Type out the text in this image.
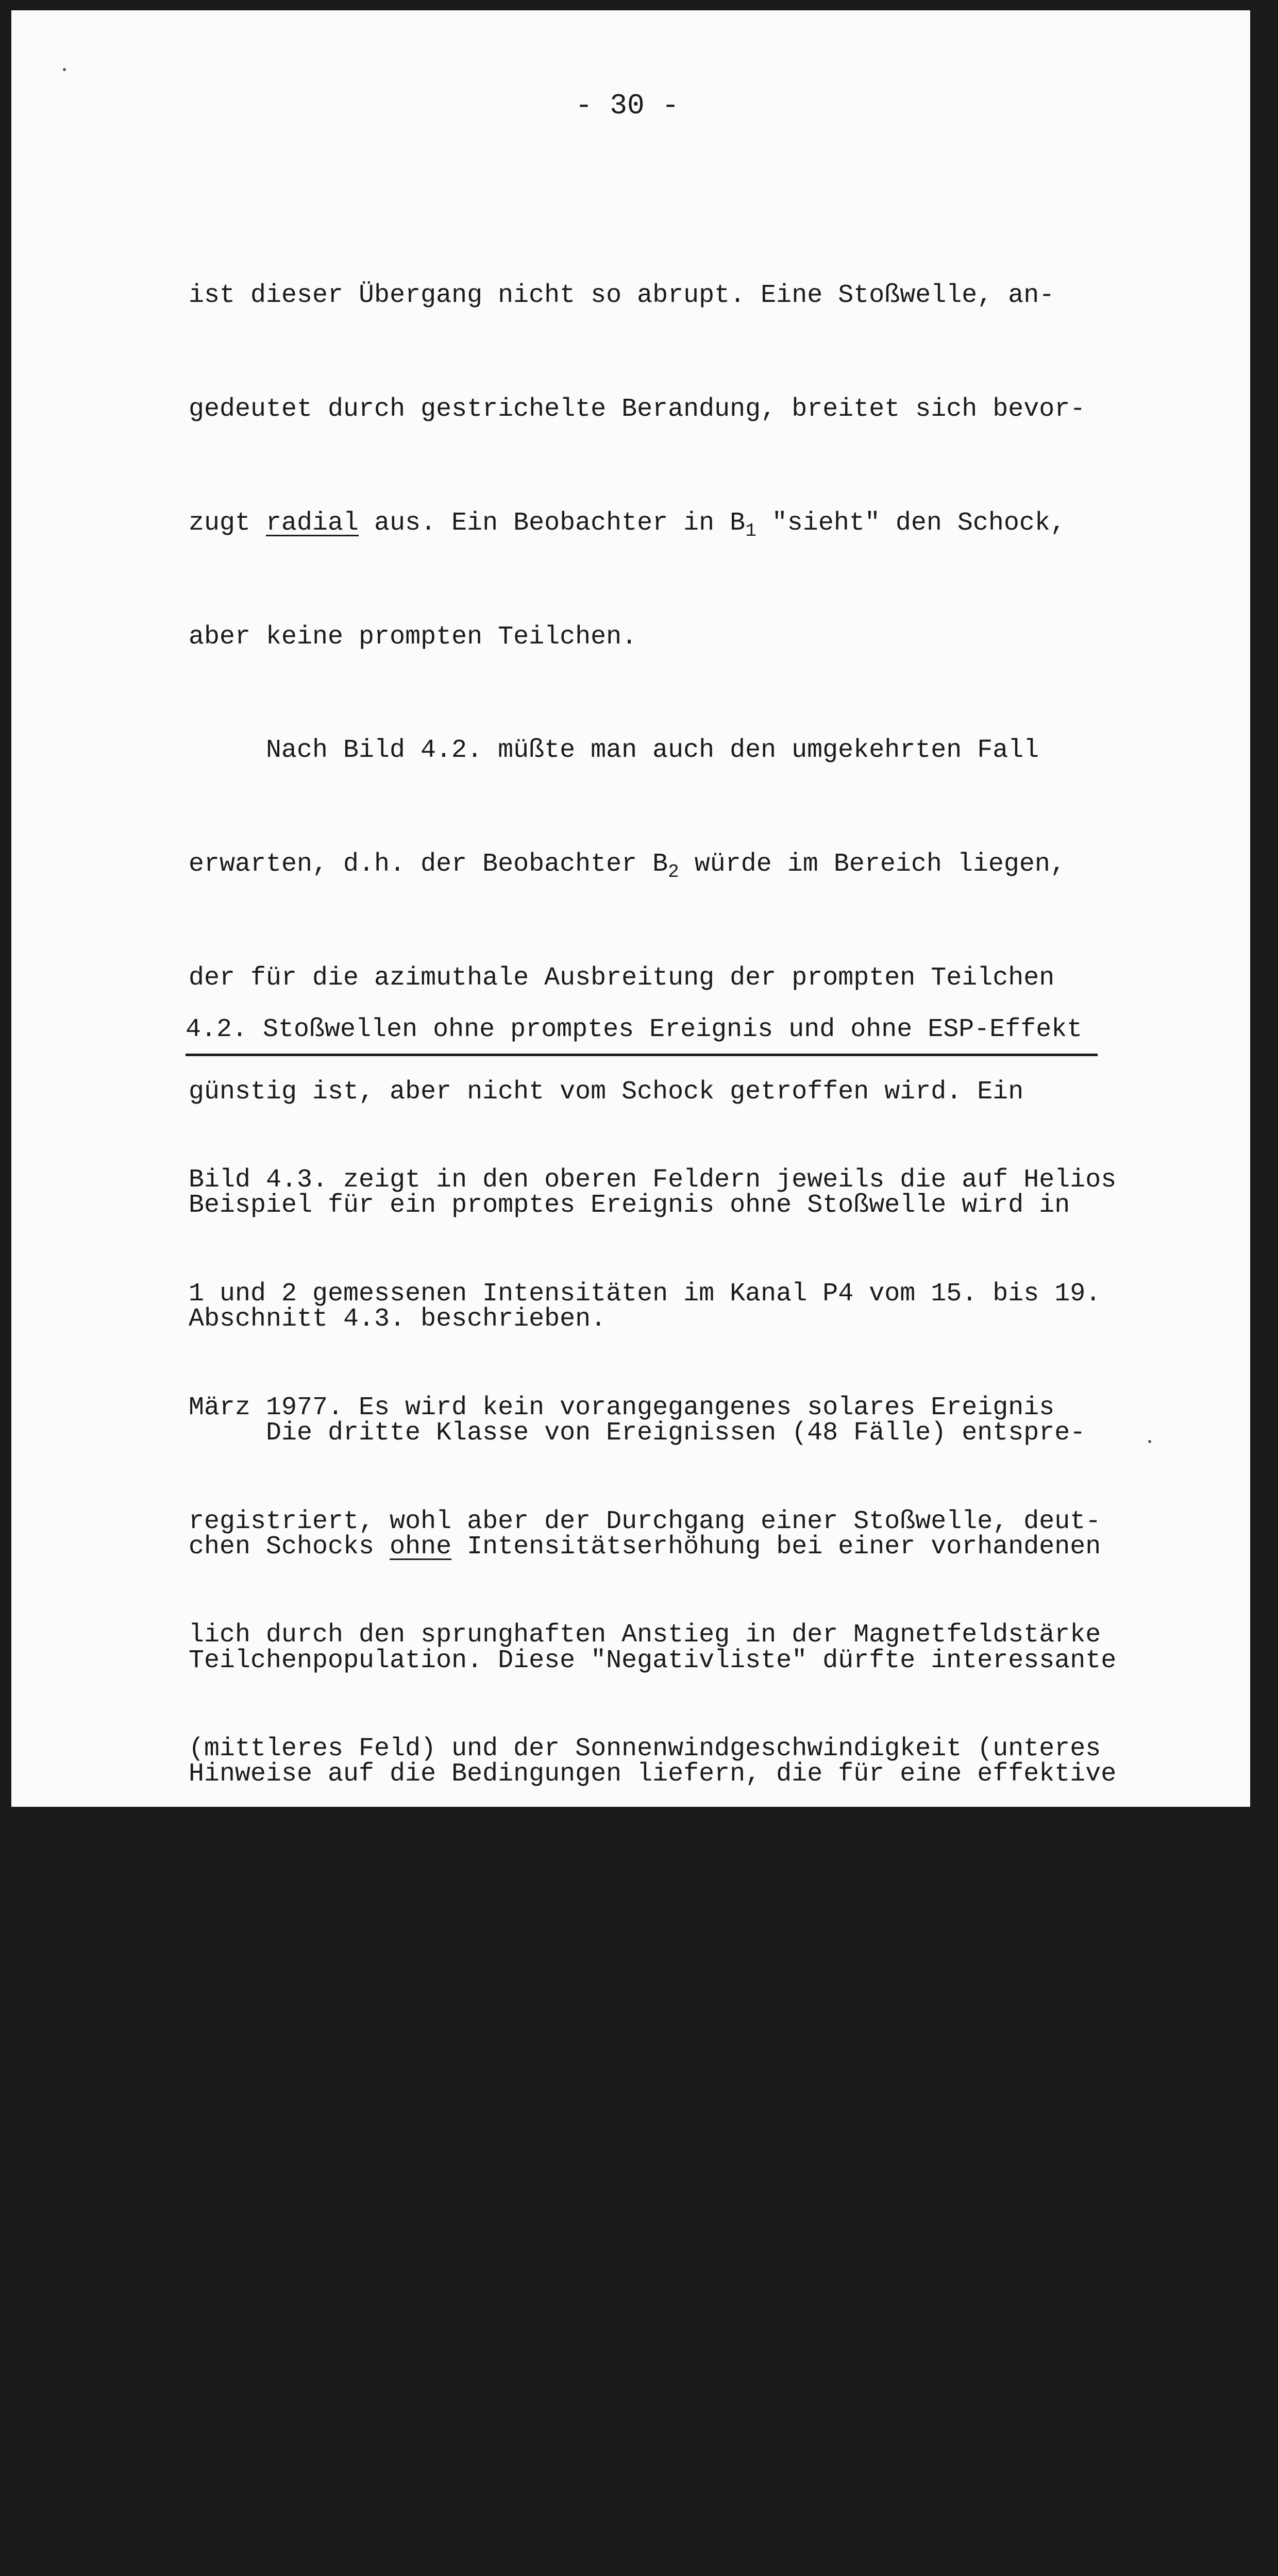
- 30 -

ist dieser Übergang nicht so abrupt. Eine Stoßwelle, an-

gedeutet durch gestrichelte Berandung, breitet sich bevor-

zugt radial aus. Ein Beobachter in $B_1$ "sieht" den Schock,

aber keine prompten Teilchen.

Nach Bild 4.2. müßte man auch den umgekehrten Fall

erwarten, d.h. der Beobachter $B_2$ würde im Bereich liegen,

der für die azimuthale Ausbreitung der prompten Teilchen

günstig ist, aber nicht vom Schock getroffen wird. Ein

Beispiel für ein promptes Ereignis ohne Stoßwelle wird in

Abschnitt 4.3. beschrieben.

Die dritte Klasse von Ereignissen (48 Fälle) entspre-

chen Schocks ohne Intensitätserhöhung bei einer vorhandenen

Teilchenpopulation. Diese "Negativliste" dürfte interessante

Hinweise auf die Bedingungen liefern, die für eine effektive

Schock-Beschleunigung erforderlich sind. Ein Beispiel dafür

wird in Abschnitt 4.4. vorgestellt. Diese Fälle werden in

dieser Arbeit jedoch nicht weiter verfolgt. Das Hauptgewicht

liegt auf der Untersuchung der großen Ereignisse, Abschnitt

4.5. und Kapitel 5.

4.2. Stoßwellen ohne promptes Ereignis und ohne ESP-Effekt

Bild 4.3. zeigt in den oberen Feldern jeweils die auf Helios

1 und 2 gemessenen Intensitäten im Kanal P4 vom 15. bis 19.

März 1977. Es wird kein vorangegangenes solares Ereignis

registriert, wohl aber der Durchgang einer Stoßwelle, deut-

lich durch den sprunghaften Anstieg in der Magnetfeldstärke

(mittleres Feld) und der Sonnenwindgeschwindigkeit (unteres

Feld) sichtbar. Es handelt sich allerdings um einen schwachen

Schock. Die Lage von H1 und H2 relativ zur Sonne ist mitge-

zeigt. Nimmt man für die Geschwindigkeit der Stoßwelle

500 - 1000 km/s an, so kann man einen Flarezeitpunkt

erwarten, der 1 bis 2 1/2 Tage vor Durchgang der Stoßwelle

liegt. In diesem Zeitraum werden nur sehr wenige Flares be-

obachtet. Die beobachteten Flares haben eine Importance von
